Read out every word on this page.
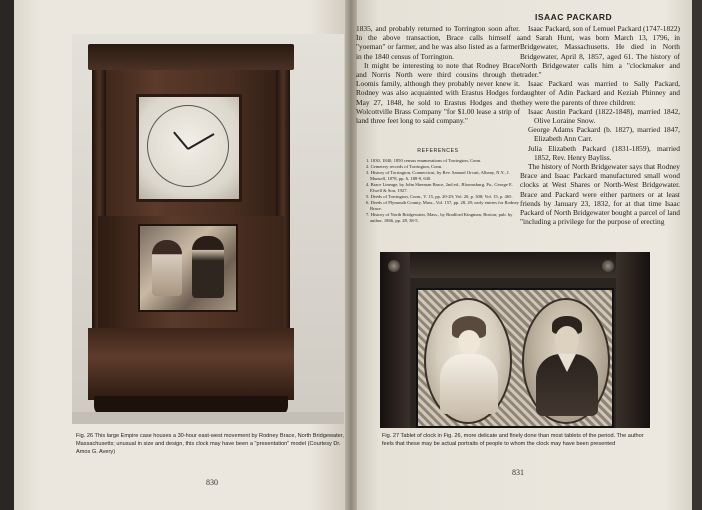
Fig. 26 This large Empire case houses a 30-hour east-west movement by Rodney Brace, North Bridgewater, Massachusetts; unusual in size and design, this clock may have been a "presentation" model (Courtesy Dr. Amos G. Avery)

830
ISAAC PACKARD

1835, and probably returned to Torrington soon after. In the above transaction, Brace calls himself a "yoeman" or farmer, and he was also listed as a farmer in the 1840 census of Torrington.

It might be interesting to note that Rodney Brace and Norris North were third cousins through the Loomis family, although they probably never knew it. Rodney was also acquainted with Erastus Hodges for May 27, 1848, he sold to Erastus Hodges and the Wolcottville Brass Company "for $1.00 lease a strip of land three feet long to said company."

REFERENCES
1. 1830, 1840, 1850 census enumerations of Torrington, Conn.
2. Cemetery records of Torrington, Conn.
3. History of Torrington, Connecticut, by Rev. Samuel Orcutt, Albany, N.Y., J. Munsell, 1878, pp. 6, 188-9, 630.
4. Brace Lineage, by John Sherman Brace, 2nd ed., Bloomsburg, Pa., George E. Elwell & Son, 1927.
5. Deeds of Torrington, Conn., V. 15, pp. 20-29; Vol. 20, p. 308; Vol. 15, p. 465.
6. Deeds of Plymouth County, Mass., Vol. 157, pp. 28, 29; early entries for Rodney Brace.
7. History of North Bridgewater, Mass., by Bradford Kingman, Boston; pub. by author, 1866, pp. 28, 38-5.

Isaac Packard, son of Lemuel Packard (1747-1822) and Sarah Hunt, was born March 13, 1796, in Bridgewater, Massachusetts. He died in North Bridgewater, April 8, 1857, aged 61. The history of North Bridgewater calls him a "clockmaker and trader."

Isaac Packard was married to Sally Packard, daughter of Adin Packard and Keziah Phinney and they were the parents of three children:

Isaac Austin Packard (1822-1848), married 1842, Olive Loraine Snow.

George Adams Packard (b. 1827), married 1847, Elizabeth Ann Carr.

Julia Elizabeth Packard (1831-1859), married 1852, Rev. Henry Bayliss.

The history of North Bridgewater says that Rodney Brace and Isaac Packard manufactured small wood clocks at West Shares or North-West Bridgewater. Brace and Packard were either partners or at least friends by January 23, 1832, for at that time Isaac Packard of North Bridgewater bought a parcel of land "including a privilege for the purpose of erecting

Fig. 27 Tablet of clock in Fig. 26, more delicate and finely done than most tablets of the period. The author feels that these may be actual portraits of people to whom the clock may have been presented

831
